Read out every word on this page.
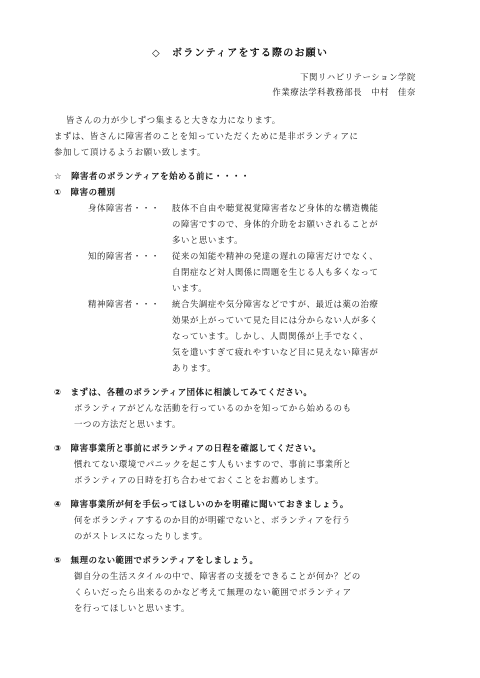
◇　ボランティアをする際のお願い

下関リハビリテーション学院

作業療法学科教務部長　中村　佳奈

皆さんの力が少しずつ集まると大きな力になります。

まずは、皆さんに障害者のことを知っていただくために是非ボランティアに

参加して頂けるようお願い致します。

☆　障害者のボランティアを始める前に・・・・

①　障害の種別

身体障害者・・・ 肢体不自由や聴覚視覚障害者など身体的な構造機能

の障害ですので、身体的介助をお願いされることが

多いと思います。

知的障害者・・・ 従来の知能や精神の発達の遅れの障害だけでなく、

自閉症など対人関係に問題を生じる人も多くなって

います。

精神障害者・・・ 統合失調症や気分障害などですが、最近は薬の治療

効果が上がっていて見た目には分からない人が多く

なっています。しかし、人間関係が上手でなく、

気を遣いすぎて疲れやすいなど目に見えない障害が

あります。

②　まずは、各種のボランティア団体に相談してみてください。

ボランティアがどんな活動を行っているのかを知ってから始めるのも

一つの方法だと思います。

③　障害事業所と事前にボランティアの日程を確認してください。

慣れてない環境でパニックを起こす人もいますので、事前に事業所と

ボランティアの日時を打ち合わせておくことをお薦めします。

④　障害事業所が何を手伝ってほしいのかを明確に聞いておきましょう。

何をボランティアするのか目的が明確でないと、ボランティアを行う

のがストレスになったりします。

⑤　無理のない範囲でボランティアをしましょう。

御自分の生活スタイルの中で、障害者の支援をできることが何か？どの

くらいだったら出来るのかなど考えて無理のない範囲でボランティア

を行ってほしいと思います。
